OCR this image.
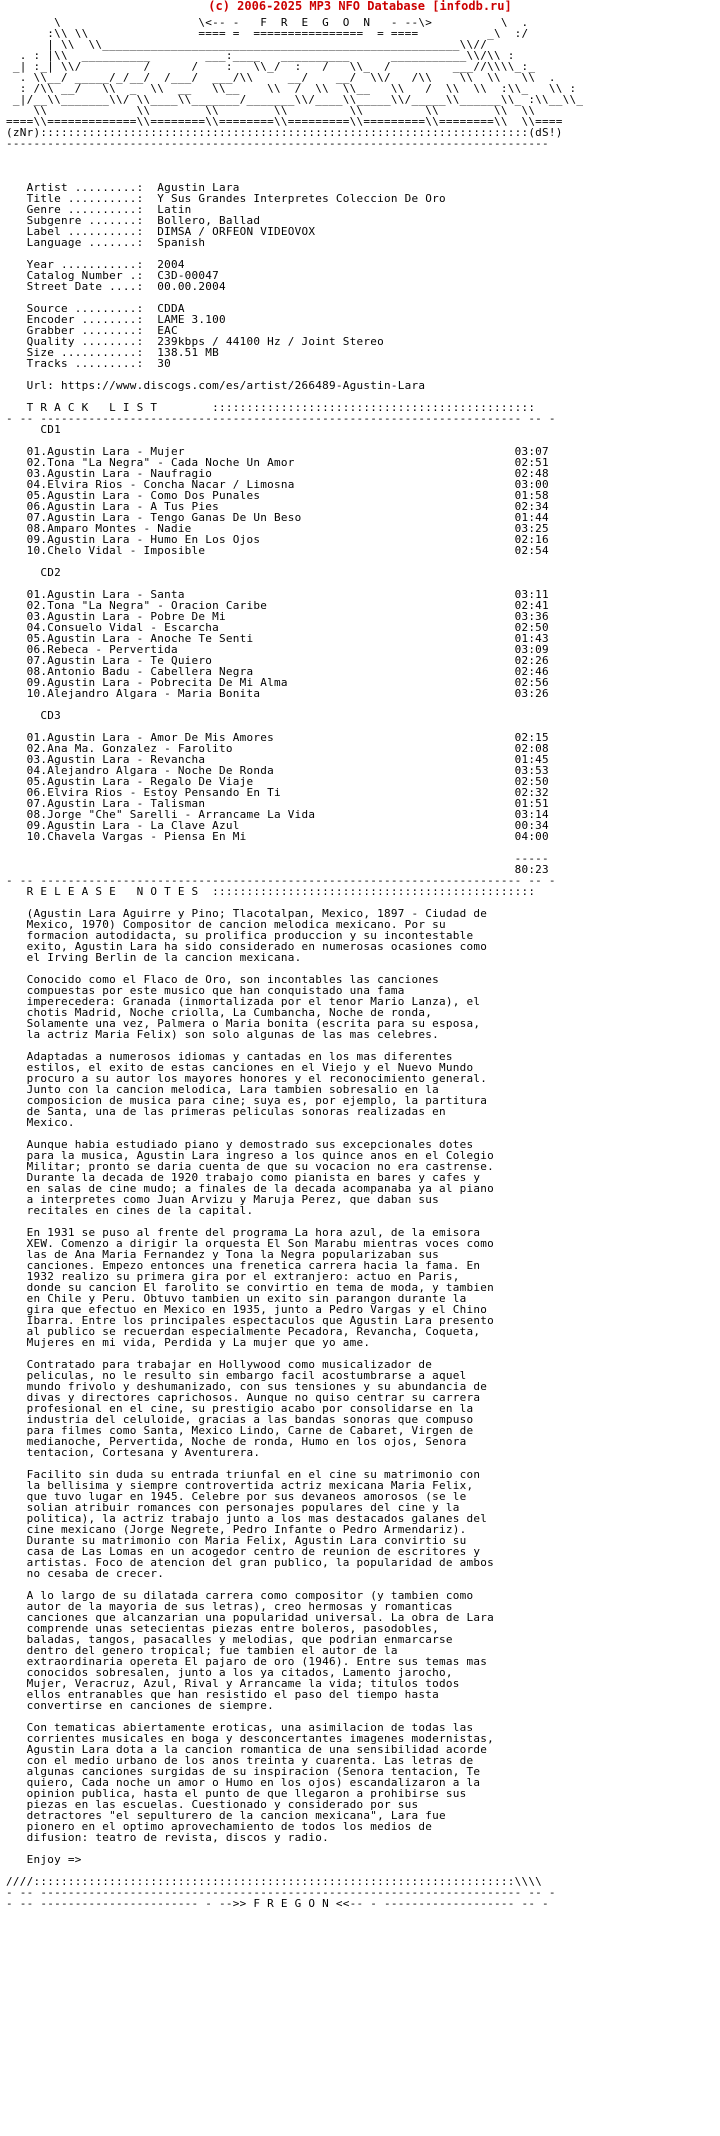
(c) 2006-2025 MP3 NFO Database [infodb.ru]
\                    \<-- -   F  R  E  G  O  N   - --\>          \  .
:\\ \\                ==== =  ================  = ====          _\  :/
| \\  \\____________________________________________________\\//
. : |\\  __________        ___:____   __________      ___________\\/\\ :
_| :_| \\/         /      /    :   \\_/  :   /   \\_  /         ___//\\\\_:_
. \\__/ _____/_/__/  /___/  ___/\\     __/    __/  \\/   /\\    \\  \\   \\  .
: /\\ __/   \\  _  \\  __   \\__    \\  /  \\  \\__   \\   /  \\  \\  :\\_   \\ :
_|/__\\_______\\/ \\____\\_______/_______\\/____\\_____\\/_____\\______\\_ :\\__\\_
\\             \\        \\        \\         \\         \\        \\  \\
====\\=============\\========\\========\\=========\\=========\\========\\  \\====
(zNr):::::::::::::::::::::::::::::::::::::::::::::::::::::::::::::::::::::::(dS!)
-------------------------------------------------------------------------------

Artist .........:  Agustin Lara
Title ..........:  Y Sus Grandes Interpretes Coleccion De Oro
Genre ..........:  Latin
Subgenre .......:  Bollero, Ballad
Label ..........:  DIMSA / ORFEON VIDEOVOX
Language .......:  Spanish

Year ...........:  2004
Catalog Number .:  C3D-00047
Street Date ....:  00.00.2004

Source .........:  CDDA
Encoder ........:  LAME 3.100
Grabber ........:  EAC
Quality ........:  239kbps / 44100 Hz / Joint Stereo
Size ...........:  138.51 MB
Tracks .........:  30

Url: https://www.discogs.com/es/artist/266489-Agustin-Lara

T R A C K   L I S T        :::::::::::::::::::::::::::::::::::::::::::::::
- -- ---------------------------------------------------------------------- -- -
CD1

01.Agustin Lara - Mujer                                                03:07
02.Tona "La Negra" - Cada Noche Un Amor                                02:51
03.Agustin Lara - Naufragio                                            02:48
04.Elvira Rios - Concha Nacar / Limosna                                03:00
05.Agustin Lara - Como Dos Punales                                     01:58
06.Agustin Lara - A Tus Pies                                           02:34
07.Agustin Lara - Tengo Ganas De Un Beso                               01:44
08.Amparo Montes - Nadie                                               03:25
09.Agustin Lara - Humo En Los Ojos                                     02:16
10.Chelo Vidal - Imposible                                             02:54

CD2

01.Agustin Lara - Santa                                                03:11
02.Tona "La Negra" - Oracion Caribe                                    02:41
03.Agustin Lara - Pobre De Mi                                          03:36
04.Consuelo Vidal - Escarcha                                           02:50
05.Agustin Lara - Anoche Te Senti                                      01:43
06.Rebeca - Pervertida                                                 03:09
07.Agustin Lara - Te Quiero                                            02:26
08.Antonio Badu - Cabellera Negra                                      02:46
09.Agustin Lara - Pobrecita De Mi Alma                                 02:56
10.Alejandro Algara - Maria Bonita                                     03:26

CD3

01.Agustin Lara - Amor De Mis Amores                                   02:15
02.Ana Ma. Gonzalez - Farolito                                         02:08
03.Agustin Lara - Revancha                                             01:45
04.Alejandro Algara - Noche De Ronda                                   03:53
05.Agustin Lara - Regalo De Viaje                                      02:50
06.Elvira Rios - Estoy Pensando En Ti                                  02:32
07.Agustin Lara - Talisman                                             01:51
08.Jorge "Che" Sarelli - Arrancame La Vida                             03:14
09.Agustin Lara - La Clave Azul                                        00:34
10.Chavela Vargas - Piensa En Mi                                       04:00

-----
80:23
- -- ---------------------------------------------------------------------- -- -
R E L E A S E   N O T E S  :::::::::::::::::::::::::::::::::::::::::::::::

(Agustin Lara Aguirre y Pino; Tlacotalpan, Mexico, 1897 - Ciudad de
Mexico, 1970) Compositor de cancion melodica mexicano. Por su
formacion autodidacta, su prolifica produccion y su incontestable
exito, Agustin Lara ha sido considerado en numerosas ocasiones como
el Irving Berlin de la cancion mexicana.

Conocido como el Flaco de Oro, son incontables las canciones
compuestas por este musico que han conquistado una fama
imperecedera: Granada (inmortalizada por el tenor Mario Lanza), el
chotis Madrid, Noche criolla, La Cumbancha, Noche de ronda,
Solamente una vez, Palmera o Maria bonita (escrita para su esposa,
la actriz Maria Felix) son solo algunas de las mas celebres.

Adaptadas a numerosos idiomas y cantadas en los mas diferentes
estilos, el exito de estas canciones en el Viejo y el Nuevo Mundo
procuro a su autor los mayores honores y el reconocimiento general.
Junto con la cancion melodica, Lara tambien sobresalio en la
composicion de musica para cine; suya es, por ejemplo, la partitura
de Santa, una de las primeras peliculas sonoras realizadas en
Mexico.

Aunque habia estudiado piano y demostrado sus excepcionales dotes
para la musica, Agustin Lara ingreso a los quince anos en el Colegio
Militar; pronto se daria cuenta de que su vocacion no era castrense.
Durante la decada de 1920 trabajo como pianista en bares y cafes y
en salas de cine mudo; a finales de la decada acompanaba ya al piano
a interpretes como Juan Arvizu y Maruja Perez, que daban sus
recitales en cines de la capital.

En 1931 se puso al frente del programa La hora azul, de la emisora
XEW. Comenzo a dirigir la orquesta El Son Marabu mientras voces como
las de Ana Maria Fernandez y Tona la Negra popularizaban sus
canciones. Empezo entonces una frenetica carrera hacia la fama. En
1932 realizo su primera gira por el extranjero: actuo en Paris,
donde su cancion El farolito se convirtio en tema de moda, y tambien
en Chile y Peru. Obtuvo tambien un exito sin parangon durante la
gira que efectuo en Mexico en 1935, junto a Pedro Vargas y el Chino
Ibarra. Entre los principales espectaculos que Agustin Lara presento
al publico se recuerdan especialmente Pecadora, Revancha, Coqueta,
Mujeres en mi vida, Perdida y La mujer que yo ame.

Contratado para trabajar en Hollywood como musicalizador de
peliculas, no le resulto sin embargo facil acostumbrarse a aquel
mundo frivolo y deshumanizado, con sus tensiones y su abundancia de
divas y directores caprichosos. Aunque no quiso centrar su carrera
profesional en el cine, su prestigio acabo por consolidarse en la
industria del celuloide, gracias a las bandas sonoras que compuso
para filmes como Santa, Mexico Lindo, Carne de Cabaret, Virgen de
medianoche, Pervertida, Noche de ronda, Humo en los ojos, Senora
tentacion, Cortesana y Aventurera.

Facilito sin duda su entrada triunfal en el cine su matrimonio con
la bellisima y siempre controvertida actriz mexicana Maria Felix,
que tuvo lugar en 1945. Celebre por sus devaneos amorosos (se le
solian atribuir romances con personajes populares del cine y la
politica), la actriz trabajo junto a los mas destacados galanes del
cine mexicano (Jorge Negrete, Pedro Infante o Pedro Armendariz).
Durante su matrimonio con Maria Felix, Agustin Lara convirtio su
casa de Las Lomas en un acogedor centro de reunion de escritores y
artistas. Foco de atencion del gran publico, la popularidad de ambos
no cesaba de crecer.

A lo largo de su dilatada carrera como compositor (y tambien como
autor de la mayoria de sus letras), creo hermosas y romanticas
canciones que alcanzarian una popularidad universal. La obra de Lara
comprende unas setecientas piezas entre boleros, pasodobles,
baladas, tangos, pasacalles y melodias, que podrian enmarcarse
dentro del genero tropical; fue tambien el autor de la
extraordinaria opereta El pajaro de oro (1946). Entre sus temas mas
conocidos sobresalen, junto a los ya citados, Lamento jarocho,
Mujer, Veracruz, Azul, Rival y Arrancame la vida; titulos todos
ellos entranables que han resistido el paso del tiempo hasta
convertirse en canciones de siempre.

Con tematicas abiertamente eroticas, una asimilacion de todas las
corrientes musicales en boga y desconcertantes imagenes modernistas,
Agustin Lara dota a la cancion romantica de una sensibilidad acorde
con el medio urbano de los anos treinta y cuarenta. Las letras de
algunas canciones surgidas de su inspiracion (Senora tentacion, Te
quiero, Cada noche un amor o Humo en los ojos) escandalizaron a la
opinion publica, hasta el punto de que llegaron a prohibirse sus
piezas en las escuelas. Cuestionado y considerado por sus
detractores "el sepulturero de la cancion mexicana", Lara fue
pionero en el optimo aprovechamiento de todos los medios de
difusion: teatro de revista, discos y radio.

Enjoy =>

////::::::::::::::::::::::::::::::::::::::::::::::::::::::::::::::::::::::\\\\
- -- ---------------------------------------------------------------------- -- -
- -- ----------------------- - -->> F R E G O N <<-- - ------------------- -- -
